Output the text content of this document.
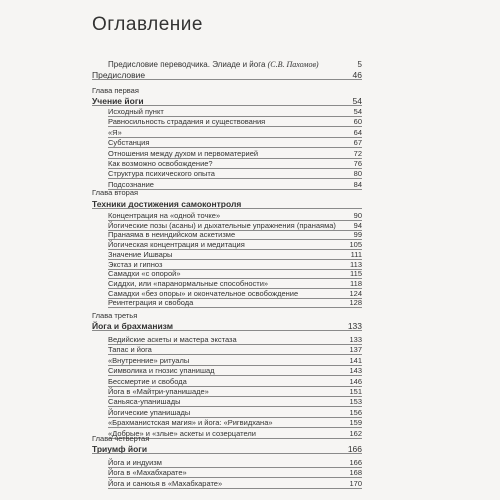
Оглавление
Предисловие переводчика. Элиаде и йога (С.В. Пахомов)	5
Предисловие	46
Глава первая
Учение йоги	54
Исходный пункт	54
Равносильность страдания и существования	60
«Я»	64
Субстанция	67
Отношения между духом и первоматерией	72
Как возможно освобождение?	76
Структура психического опыта	80
Подсознание	84
Глава вторая
Техники достижения самоконтроля
Концентрация на «одной точке»	90
Йогические позы (асаны) и дыхательные упражнения (пранаяма) 94
Пранаяма в неиндийском аскетизме	99
Йогическая концентрация и медитация	105
Значение Ишвары	111
Экстаз и гипноз	113
Самадхи «с опорой»	115
Сиддхи, или «паранормальные способности»	118
Самадхи «без опоры» и окончательное освобождение	124
Реинтеграция и свобода	128
Глава третья
Йога и брахманизм	133
Ведийские аскеты и мастера экстаза	133
Тапас и йога	137
«Внутренние» ритуалы	141
Символика и гнозис упанишад	143
Бессмертие и свобода	146
Йога в «Майтри-упанишаде»	151
Саньяса-упанишады	153
Йогические упанишады	156
«Брахманистская магия» и йога: «Ригвидхана»	159
«Добрые» и «злые» аскеты и созерцатели	162
Глава четвертая
Триумф йоги	166
Йога и индуизм	166
Йога в «Махабхарате»	168
Йога и санкхья в «Махабхарате»	170
